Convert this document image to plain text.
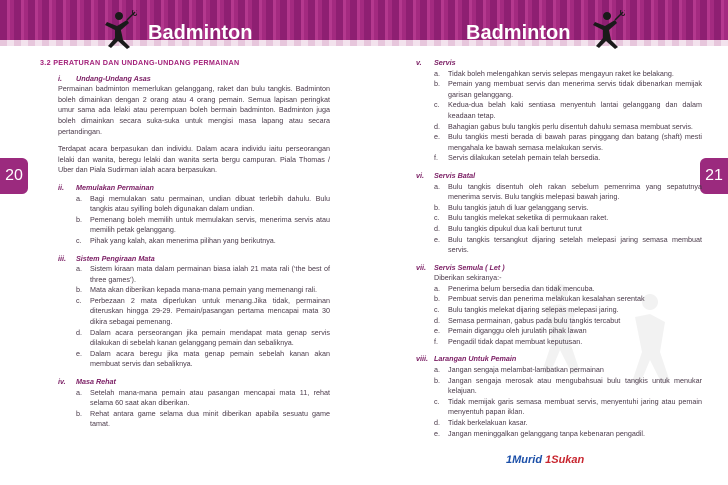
Badminton	Badminton
20	21
3.2 PERATURAN DAN UNDANG-UNDANG PERMAINAN
i. Undang-Undang Asas
Permainan badminton memerlukan gelanggang, raket dan bulu tangkis. Badminton boleh dimainkan dengan 2 orang atau 4 orang pemain. Semua lapisan peringkat umur sama ada lelaki atau perempuan boleh bermain badminton. Badminton juga boleh dimainkan secara suka-suka untuk mengisi masa lapang atau secara pertandingan.
Terdapat acara berpasukan dan individu. Dalam acara individu iaitu perseorangan lelaki dan wanita, beregu lelaki dan wanita serta bergu campuran. Piala Thomas / Uber dan Piala Sudirman ialah acara berpasukan.
ii. Memulakan Permainan
a.	Bagi memulakan satu permainan, undian dibuat terlebih dahulu. Bulu tangkis atau syilling boleh digunakan dalam undian.
b.	Pemenang boleh memilih untuk memulakan servis, menerima servis atau memilih petak gelanggang.
c.	Pihak yang kalah, akan menerima pilihan yang berikutnya.
iii. Sistem Pengiraan Mata
a.	Sistem kiraan mata dalam permainan biasa ialah 21 mata rali (‘the best of three games’).
b.	Mata akan diberikan kepada mana-mana pemain yang memenangi rali.
c.	Perbezaan 2 mata diperlukan untuk menang.Jika tidak, permainan diteruskan hingga 29-29. Pemain/pasangan pertama mencapai mata 30 dikira sebagai pemenang.
d.	Dalam acara perseorangan jika pemain mendapat mata genap servis dilakukan di sebelah kanan gelanggang pemain dan sebaliknya.
e.	Dalam acara beregu jika mata genap pemain sebelah kanan akan membuat servis dan sebaliknya.
iv. Masa Rehat
a.	Setelah mana-mana pemain atau pasangan mencapai mata 11, rehat selama 60 saat akan diberikan.
b.	Rehat antara game selama dua minit diberikan apabila sesuatu game tamat.
v. Servis
a.	Tidak boleh melengahkan servis selepas mengayun raket ke belakang.
b.	Pemain yang membuat servis dan menerima servis tidak dibenarkan memijak garisan gelanggang.
c.	Kedua-dua belah kaki sentiasa menyentuh lantai gelanggang dan dalam keadaan tetap.
d.	Bahagian gabus bulu tangkis perlu disentuh dahulu semasa membuat servis.
e.	Bulu tangkis mesti berada di bawah paras pinggang dan batang (shaft) mesti mengahala ke bawah semasa melakukan servis.
f.	Servis dilakukan setelah pemain telah bersedia.
vi. Servis Batal
a.	Bulu tangkis disentuh oleh rakan sebelum pemenrima yang sepatutnya menerima servis. Bulu tangkis melepasi bawah jaring.
b.	Bulu tangkis jatuh di luar gelanggang servis.
c.	Bulu tangkis melekat seketika di permukaan raket.
d.	Bulu tangkis dipukul dua kali berturut turut
e.	Bulu tangkis tersangkut dijaring setelah melepasi jaring semasa membuat servis.
vii. Servis Semula ( Let )
Diberikan sekiranya:-
a.	Penerima belum bersedia dan tidak mencuba.
b.	Pembuat servis dan penerima melakukan kesalahan serentak
c.	Bulu tangkis melekat dijaring selepas melepasi jaring.
d.	Semasa permainan, gabus pada bulu tangkis tercabut
e.	Pemain diganggu oleh jurulatih pihak lawan
f.	Pengadil tidak dapat membuat keputusan.
viii. Larangan Untuk Pemain
a.	Jangan sengaja melambat-lambatkan permainan
b.	Jangan sengaja merosak atau mengubahsuai bulu tangkis untuk menukar kelajuan.
c.	Tidak memijak garis semasa membuat servis, menyentuhi jaring atau pemain menyentuh papan iklan.
d.	Tidak berkelakuan kasar.
e.	Jangan meninggalkan gelanggang tanpa kebenaran pengadil.
1Murid 1Sukan
